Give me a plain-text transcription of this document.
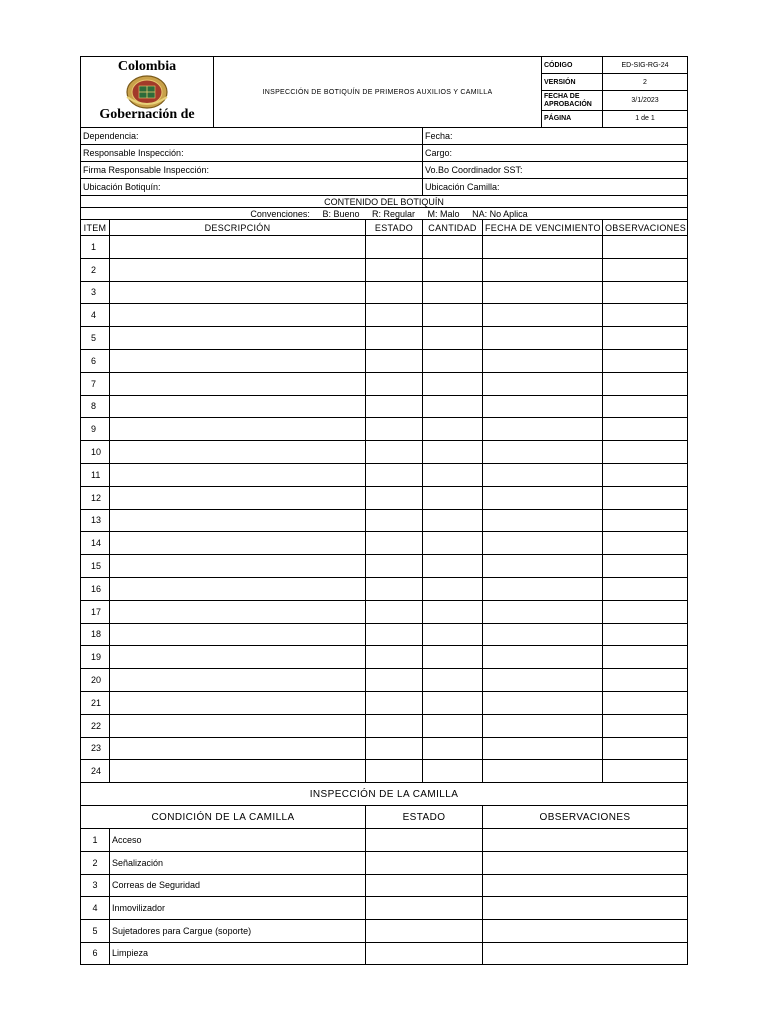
Colombia
Gobernación de	INSPECCIÓN DE BOTIQUÍN DE PRIMEROS AUXILIOS Y CAMILLA	CÓDIGO	ED-SIG-RG-24
		VERSIÓN	2
		FECHA DE APROBACIÓN	3/1/2023
		PÁGINA	1 de 1
Dependencia:	Fecha:
Responsable Inspección:	Cargo:
Firma Responsable Inspección:	Vo.Bo Coordinador SST:
Ubicación Botiquín:	Ubicación Camilla:
CONTENIDO DEL BOTIQUÍN					
Convenciones: B: Bueno R: Regular M: Malo NA: No Aplica					
ITEM	DESCRIPCIÓN	ESTADO	CANTIDAD	FECHA DE VENCIMIENTO	OBSERVACIONES
1					
2					
3					
4					
5					
6					
7					
8					
9					
10					
11					
12					
13					
14					
15					
16					
17					
18					
19					
20					
21					
22					
23					
24					
INSPECCIÓN DE LA CAMILLA			
CONDICIÓN DE LA CAMILLA		ESTADO	OBSERVACIONES
1	Acceso		
2	Señalización		
3	Correas de Seguridad		
4	Inmovilizador		
5	Sujetadores para Cargue (soporte)		
6	Limpieza		
